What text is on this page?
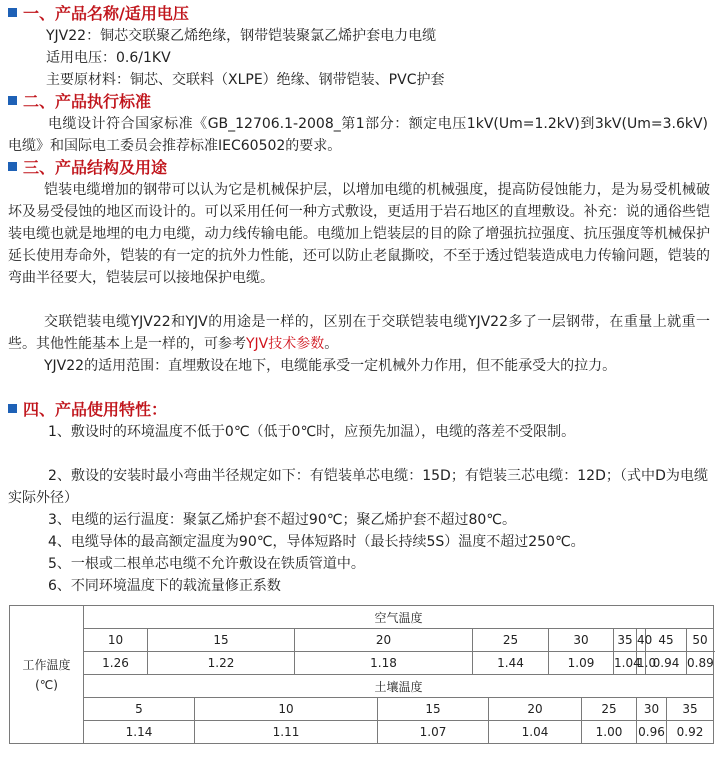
一、产品名称/适用电压
YJV22：铜芯交联聚乙烯绝缘，钢带铠装聚氯乙烯护套电力电缆
适用电压：0.6/1KV
主要原材料：铜芯、交联料（XLPE）绝缘、钢带铠装、PVC护套
二、产品执行标准
电缆设计符合国家标准《GB_12706.1-2008_第1部分：额定电压1kV(Um=1.2kV)到3kV(Um=3.6kV)电缆》和国际电工委员会推荐标准IEC60502的要求。
三、产品结构及用途
铠装电缆增加的钢带可以认为它是机械保护层，以增加电缆的机械强度，提高防侵蚀能力，是为易受机械破坏及易受侵蚀的地区而设计的。可以采用任何一种方式敷设，更适用于岩石地区的直埋敷设。补充：说的通俗些铠装电缆也就是地埋的电力电缆，动力线传输电能。电缆加上铠装层的目的除了增强抗拉强度、抗压强度等机械保护延长使用寿命外，铠装的有一定的抗外力性能，还可以防止老鼠撕咬，不至于透过铠装造成电力传输问题，铠装的弯曲半径要大，铠装层可以接地保护电缆。
交联铠装电缆YJV22和YJV的用途是一样的，区别在于交联铠装电缆YJV22多了一层钢带，在重量上就重一些。其他性能基本上是一样的，可参考YJV技术参数。
YJV22的适用范围：直埋敷设在地下，电缆能承受一定机械外力作用，但不能承受大的拉力。
四、产品使用特性：
1、敷设时的环境温度不低于0℃（低于0℃时，应预先加温），电缆的落差不受限制。
2、敷设的安装时最小弯曲半径规定如下：有铠装单芯电缆：15D；有铠装三芯电缆：12D；（式中D为电缆实际外径）
3、电缆的运行温度：聚氯乙烯护套不超过90℃；聚乙烯护套不超过80℃。
4、电缆导体的最高额定温度为90℃，导体短路时（最长持续5S）温度不超过250℃。
5、一根或二根单芯电缆不允许敷设在铁质管道中。
6、不同环境温度下的载流量修正系数
工作温度
(℃)	空气温度													
	10	15		20		25		30		35	40	45		50
	1.26	1.22		1.18		1.44		1.09		1.04	1.0	0.94		0.89
	土壤温度													
	5		10		15		20		25		30		35	
	1.14		1.11		1.07		1.04		1.00		0.96		0.92	
